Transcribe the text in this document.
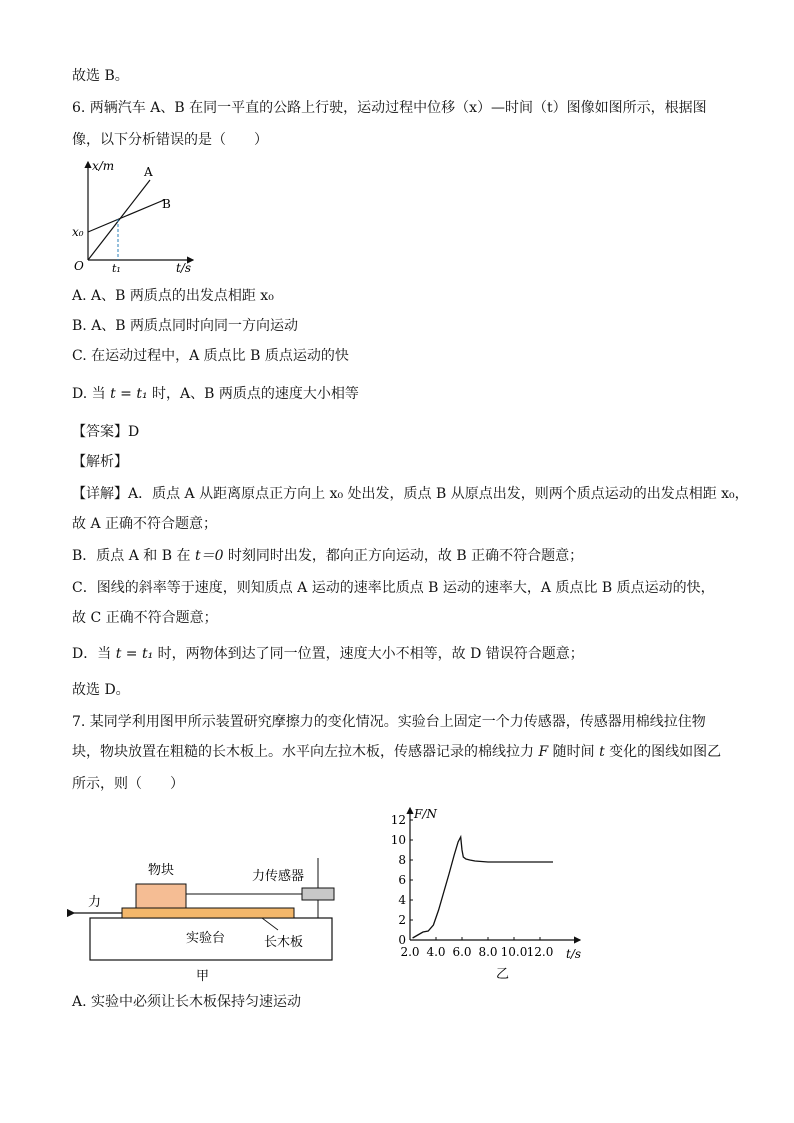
故选 B。
6. 两辆汽车 A、B 在同一平直的公路上行驶，运动过程中位移（x）—时间（t）图像如图所示，根据图
像，以下分析错误的是（　　）
x/m
t/s
O
x₀
t₁
A
B
A. A、B 两质点的出发点相距 x₀
B. A、B 两质点同时向同一方向运动
C. 在运动过程中，A 质点比 B 质点运动的快
D. 当 t = t₁ 时，A、B 两质点的速度大小相等
【答案】D
【解析】
【详解】A．质点 A 从距离原点正方向上 x₀ 处出发，质点 B 从原点出发，则两个质点运动的出发点相距 x₀，
故 A 正确不符合题意；
B．质点 A 和 B 在 t＝0 时刻同时出发，都向正方向运动，故 B 正确不符合题意；
C．图线的斜率等于速度，则知质点 A 运动的速率比质点 B 运动的速率大，A 质点比 B 质点运动的快，
故 C 正确不符合题意；
D．当 t = t₁ 时，两物体到达了同一位置，速度大小不相等，故 D 错误符合题意；
故选 D。
7. 某同学利用图甲所示装置研究摩擦力的变化情况。实验台上固定一个力传感器，传感器用棉线拉住物
块，物块放置在粗糙的长木板上。水平向左拉木板，传感器记录的棉线拉力 F 随时间 t 变化的图线如图乙
所示，则（　　）
物块	力传感器
力
实验台	长木板
甲
F/N
t/s
0
2
4
6
8
10
12
2.0 4.0 6.0 8.0 10.0 12.0
乙
A. 实验中必须让长木板保持匀速运动
